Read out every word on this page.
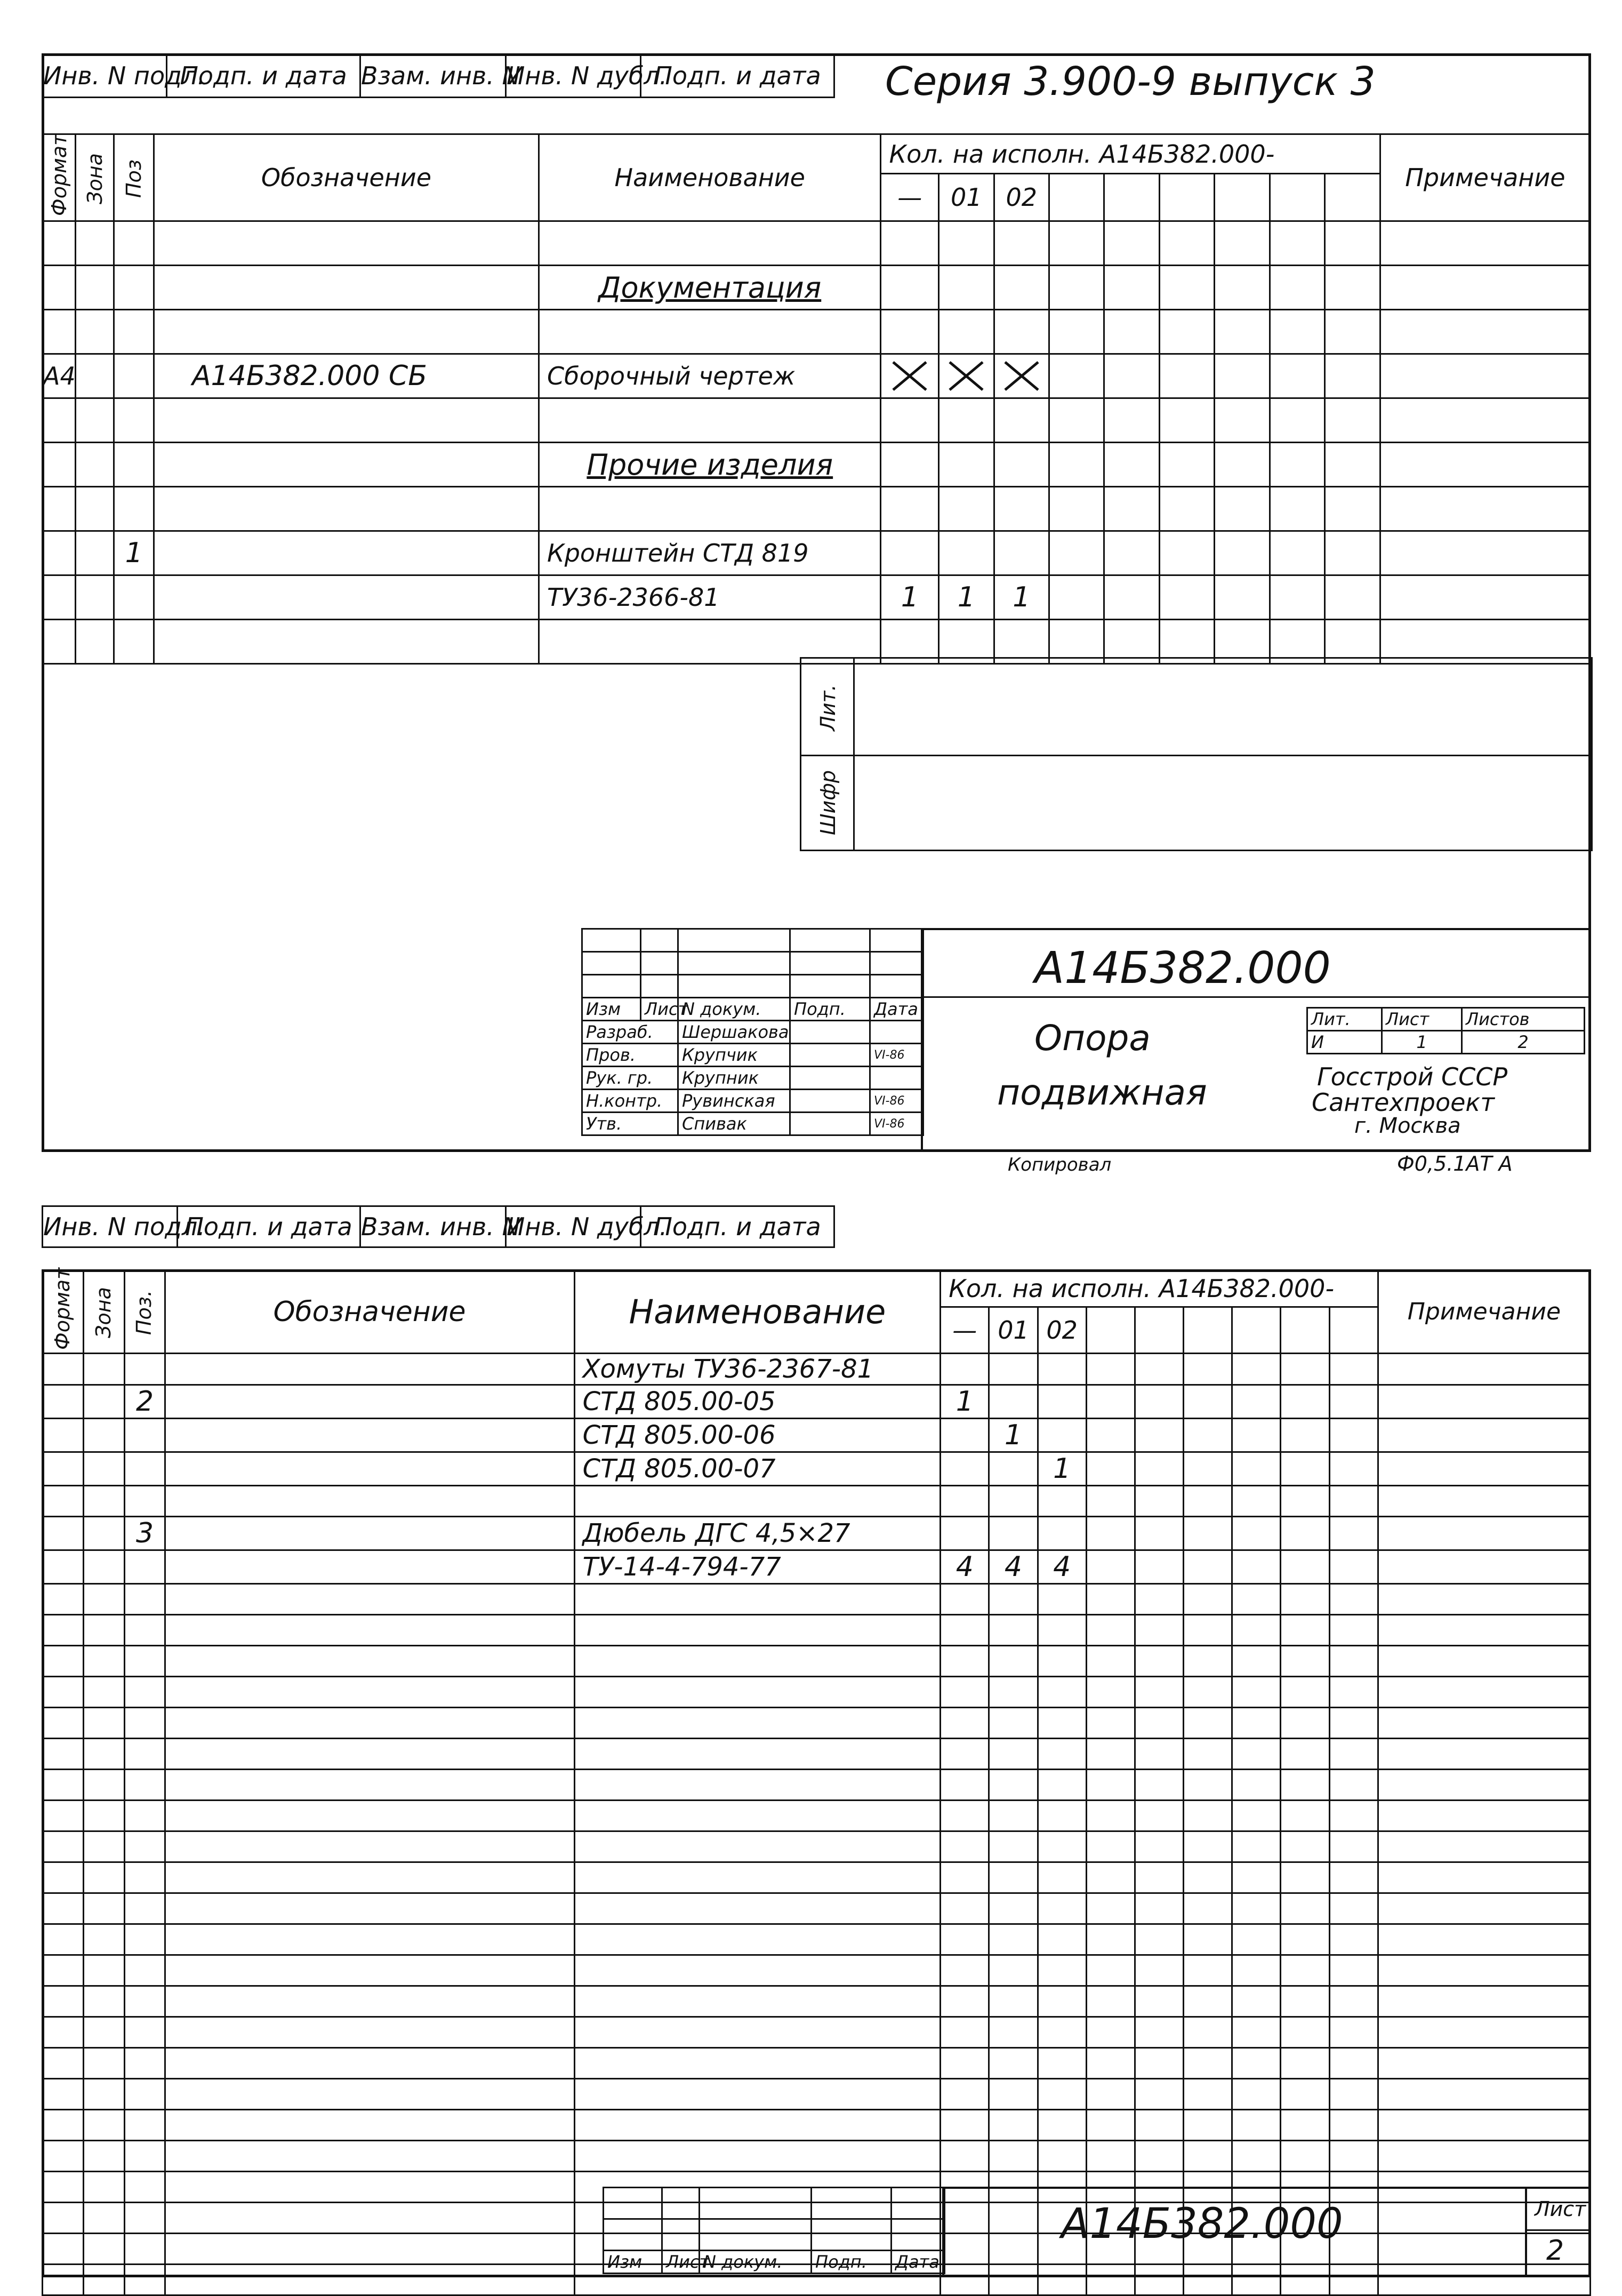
Инв. N подл.	Подп. и дата	Взам. инв. N	Инв. N дубл.	Подп. и дата Серия 3.900-9 выпуск 3
Формат	Зона	Поз	Обозначение	Наименование	Кол. на исполн. А14Б382.000-									Примечание
					—	01	02							

				Документация										

А4			А14Б382.000 СБ	Сборочный чертеж	

				Прочие изделия										

		1		Кронштейн СТД 819										
				ТУ36-2366-81	1	1	1							

Лит.	

Шифр	

Изм	Лист	N докум.	Подп.	Дата
Разраб.		Шершакова		
Пров.		Крупчик		VI-86
Рук. гр.		Крупник		
Н.контр.		Рувинская		VI-86
Утв.		Спивак		VI-86
А14Б382.000
Опора
подвижная
Лит.	Лист	Листов
И	1	2
Госстрой СССР
Сантехпроект
г. Москва
Копировал	Ф0,5.1АТ А
Инв. N подл.	Подп. и дата	Взам. инв. N	Инв. N дубл.	Подп. и дата
Формат	Зона	Поз.	Обозначение	Наименование	Кол. на исполн. А14Б382.000-									Примечание
					—	01	02							
				Хомуты ТУ36-2367-81										
		2		СТД 805.00-05	1									
				СТД 805.00-06		1								
				СТД 805.00-07			1							

		3		Дюбель ДГС 4,5×27										
				ТУ-14-4-794-77	4	4	4							

Изм	Лист	N докум.	Подп.	Дата
А14Б382.000	Лист
2
